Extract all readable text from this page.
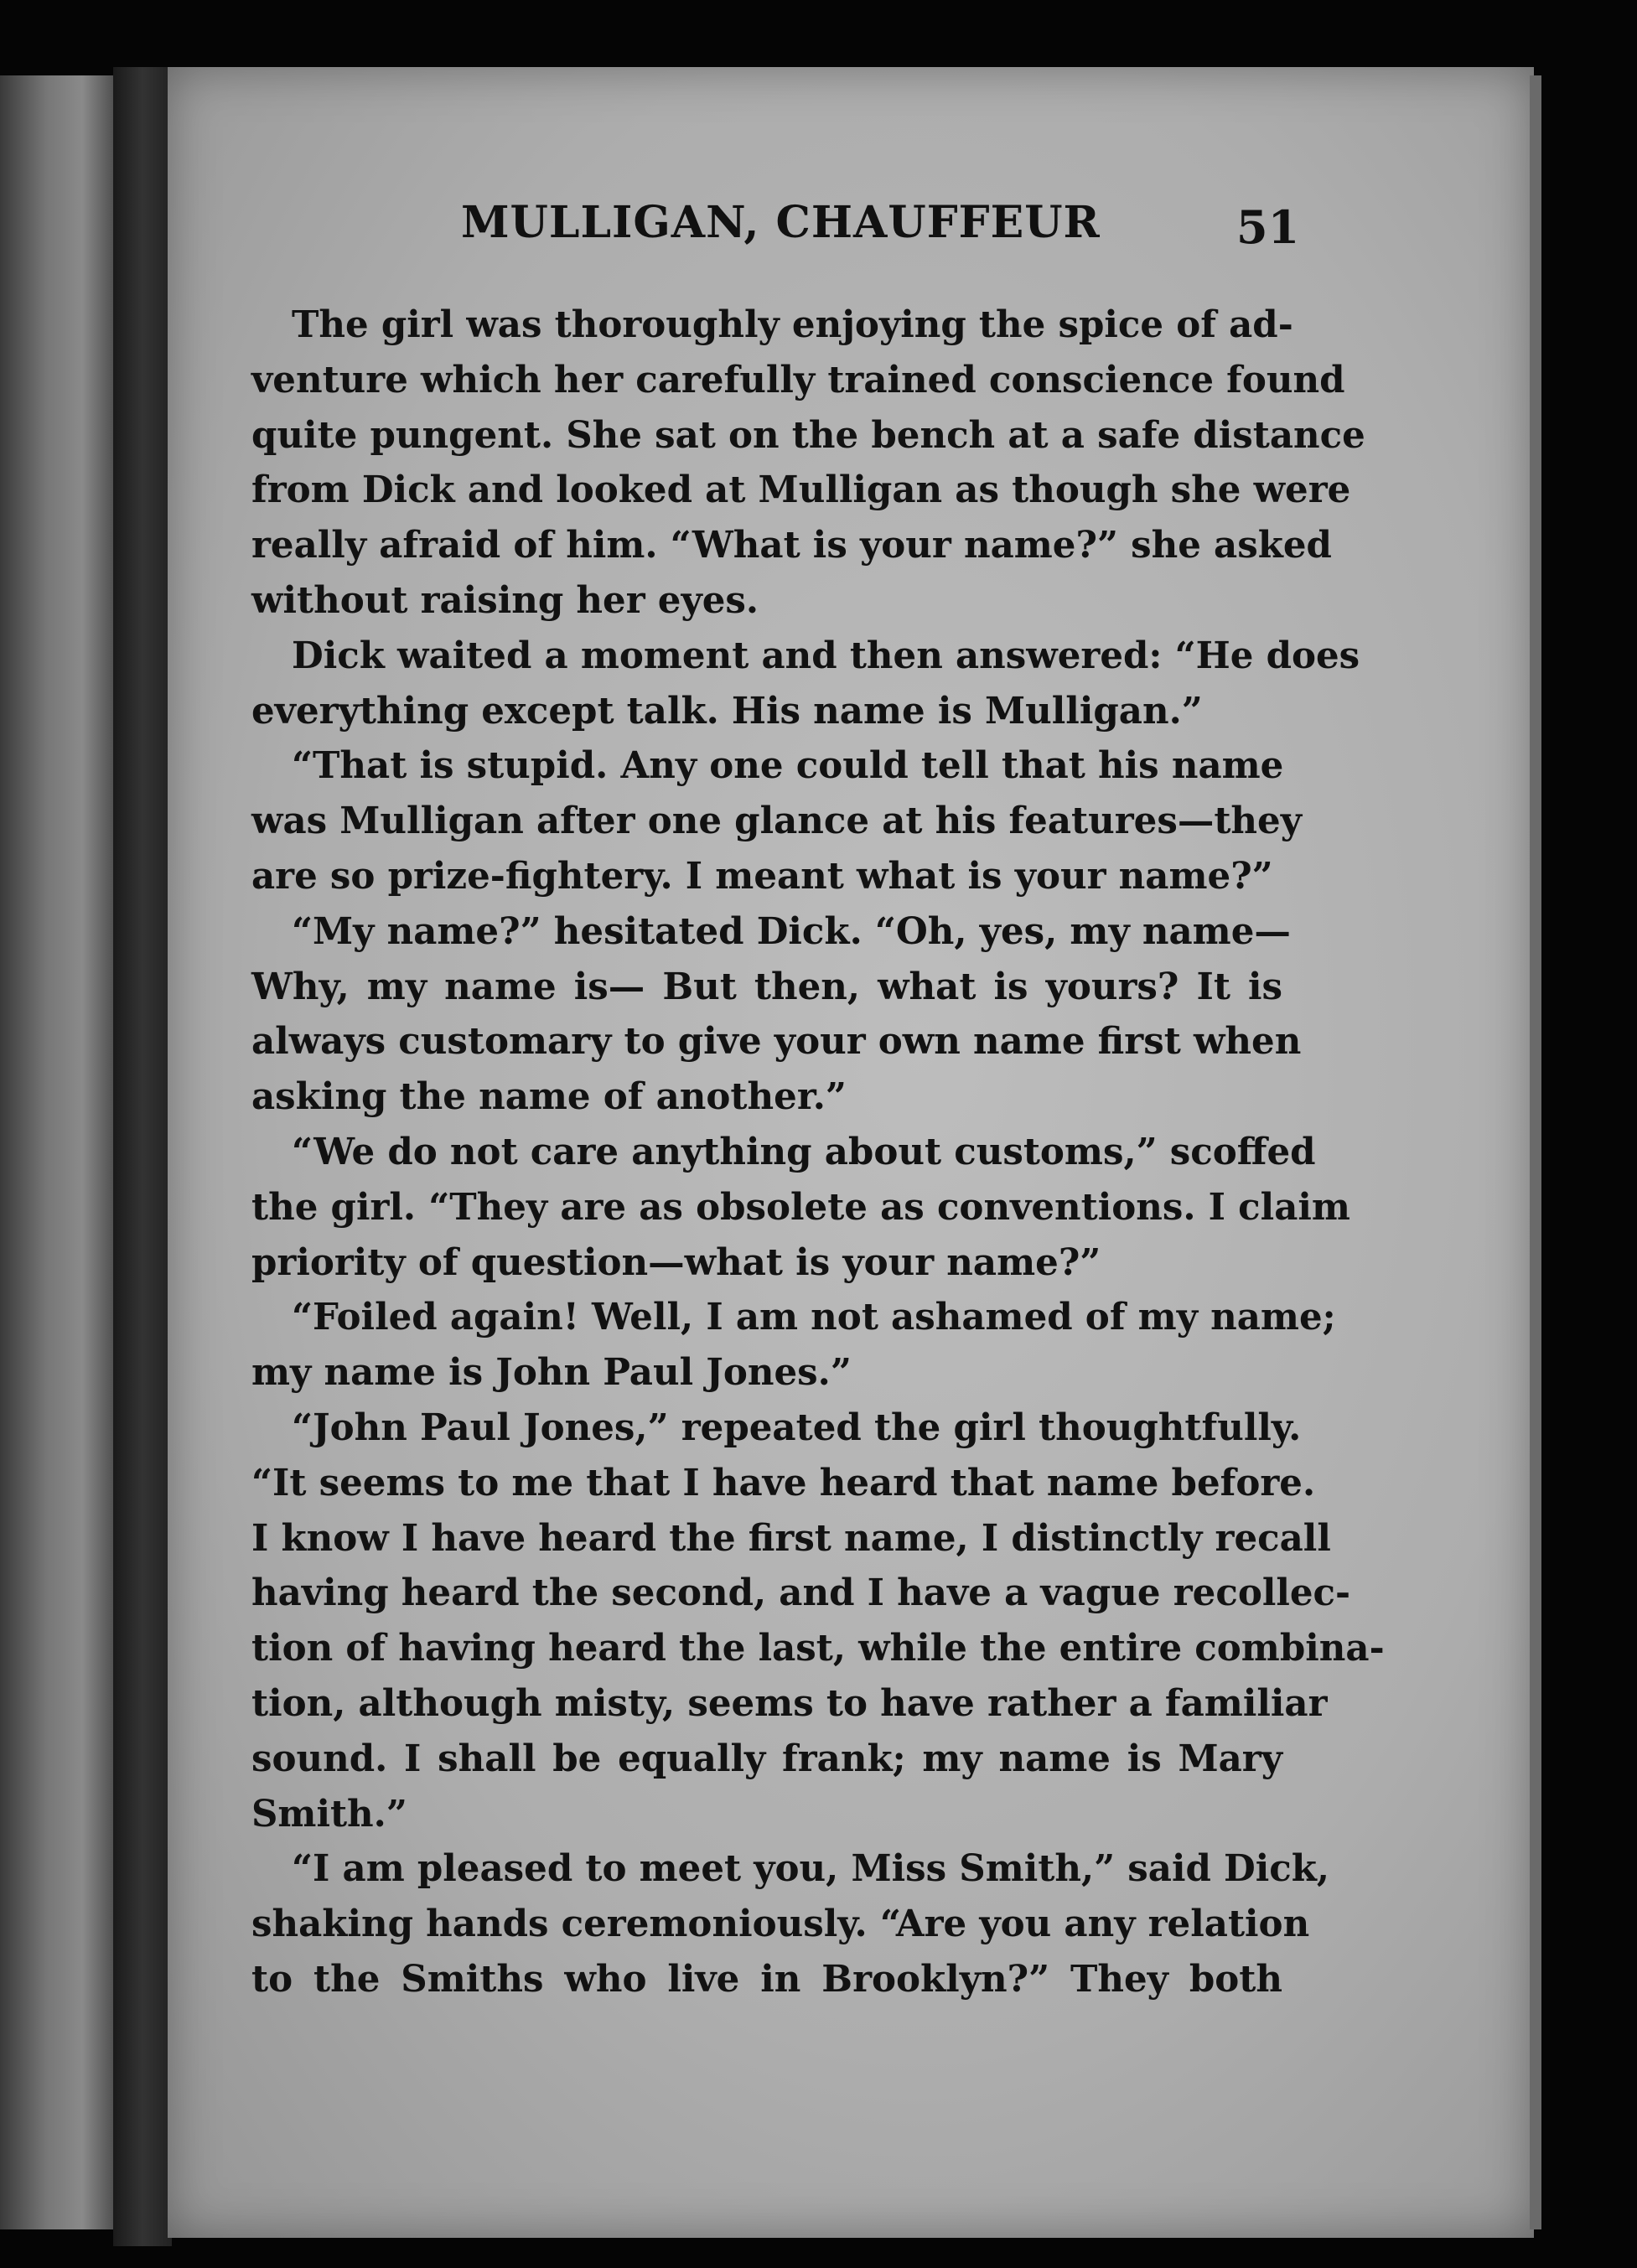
MULLIGAN, CHAUFFEUR	51
The girl was thoroughly enjoying the spice of ad-
venture which her carefully trained conscience found
quite pungent. She sat on the bench at a safe distance
from Dick and looked at Mulligan as though she were
really afraid of him. “What is your name?” she asked
without raising her eyes.
Dick waited a moment and then answered: “He does
everything except talk. His name is Mulligan.”
“That is stupid. Any one could tell that his name
was Mulligan after one glance at his features—they
are so prize-fightery. I meant what is your name?”
“My name?” hesitated Dick. “Oh, yes, my name—
Why, my name is— But then, what is yours? It is
always customary to give your own name first when
asking the name of another.”
“We do not care anything about customs,” scoffed
the girl. “They are as obsolete as conventions. I claim
priority of question—what is your name?”
“Foiled again! Well, I am not ashamed of my name;
my name is John Paul Jones.”
“John Paul Jones,” repeated the girl thoughtfully.
“It seems to me that I have heard that name before.
I know I have heard the first name, I distinctly recall
having heard the second, and I have a vague recollec-
tion of having heard the last, while the entire combina-
tion, although misty, seems to have rather a familiar
sound. I shall be equally frank; my name is Mary
Smith.”
“I am pleased to meet you, Miss Smith,” said Dick,
shaking hands ceremoniously. “Are you any relation
to the Smiths who live in Brooklyn?” They both
